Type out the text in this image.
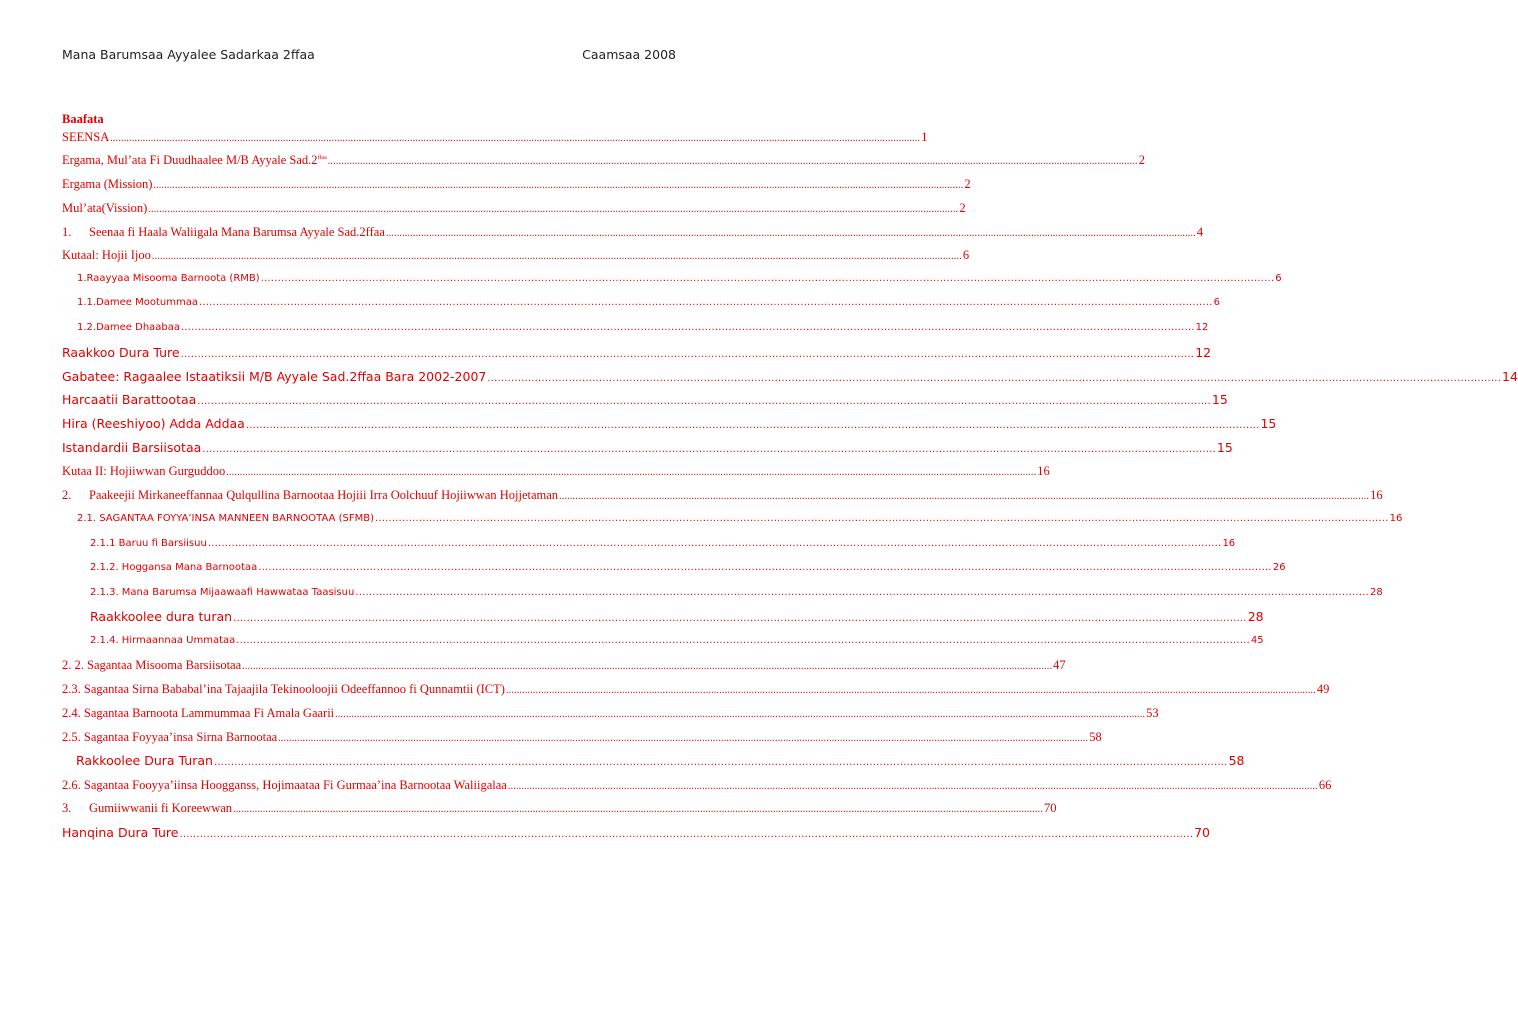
Mana Barumsaa Ayyalee Sadarkaa 2ffaa	Caamsaa 2008
Baafata
SEENSA ............................................................................................................................................................................................................................................................................................................ 1
Ergama, Mul’ata Fi Duudhaalee M/B Ayyale $Sad.2^{ffaa}$ ............................................................................................................................................................................................................................................................................................................ 2
Ergama (Mission) ............................................................................................................................................................................................................................................................................................................ 2
Mul’ata(Vission) ............................................................................................................................................................................................................................................................................................................ 2
1. Seenaa fi Haala Waliigala Mana Barumsa Ayyale Sad.2ffaa ............................................................................................................................................................................................................................................................................................................ 4
Kutaal: Hojii Ijoo ............................................................................................................................................................................................................................................................................................................ 6
1.Raayyaa Misooma Barnoota (RMB) ............................................................................................................................................................................................................................................................................................................ 6
1.1.Damee Mootummaa ............................................................................................................................................................................................................................................................................................................ 6
1.2.Damee Dhaabaa ............................................................................................................................................................................................................................................................................................................ 12
Raakkoo Dura Ture ............................................................................................................................................................................................................................................................................................................ 12
Gabatee: Ragaalee Istaatiksii M/B Ayyale Sad.2ffaa Bara 2002-2007 ............................................................................................................................................................................................................................................................................................................ 14
Harcaatii Barattootaa ............................................................................................................................................................................................................................................................................................................ 15
Hira (Reeshiyoo) Adda Addaa ............................................................................................................................................................................................................................................................................................................ 15
Istandardii Barsiisotaa ............................................................................................................................................................................................................................................................................................................ 15
Kutaa II: Hojiiwwan Gurguddoo ............................................................................................................................................................................................................................................................................................................ 16
2. Paakeejii Mirkaneeffannaa Qulqullina Barnootaa Hojiii Irra Oolchuuf Hojiiwwan Hojjetaman ............................................................................................................................................................................................................................................................................................................ 16
2.1. SAGANTAA FOYYA’INSA MANNEEN BARNOOTAA (SFMB) ............................................................................................................................................................................................................................................................................................................ 16
2.1.1 Baruu fi Barsiisuu ............................................................................................................................................................................................................................................................................................................ 16
2.1.2. Hoggansa Mana Barnootaa ............................................................................................................................................................................................................................................................................................................ 26
2.1.3. Mana Barumsa Mijaawaafi Hawwataa Taasisuu ............................................................................................................................................................................................................................................................................................................ 28
Raakkoolee dura turan ............................................................................................................................................................................................................................................................................................................ 28
2.1.4. Hirmaannaa Ummataa ............................................................................................................................................................................................................................................................................................................ 45
2. 2. Sagantaa Misooma Barsiisotaa ............................................................................................................................................................................................................................................................................................................ 47
2.3. Sagantaa Sirna Bababal’ina Tajaajila Tekinooloojii Odeeffannoo fi Qunnamtii (ICT) ............................................................................................................................................................................................................................................................................................................ 49
2.4. Sagantaa Barnoota Lammummaa Fi Amala Gaarii ............................................................................................................................................................................................................................................................................................................ 53
2.5. Sagantaa Foyyaa’insa Sirna Barnootaa ............................................................................................................................................................................................................................................................................................................ 58
Rakkoolee Dura Turan ............................................................................................................................................................................................................................................................................................................ 58
2.6. Sagantaa Fooyya’iinsa Hoogganss, Hojimaataa Fi Gurmaa’ina Barnootaa Waliigalaa ............................................................................................................................................................................................................................................................................................................ 66
3. Gumiiwwanii fi Koreewwan ............................................................................................................................................................................................................................................................................................................ 70
Hanqina Dura Ture ............................................................................................................................................................................................................................................................................................................ 70
